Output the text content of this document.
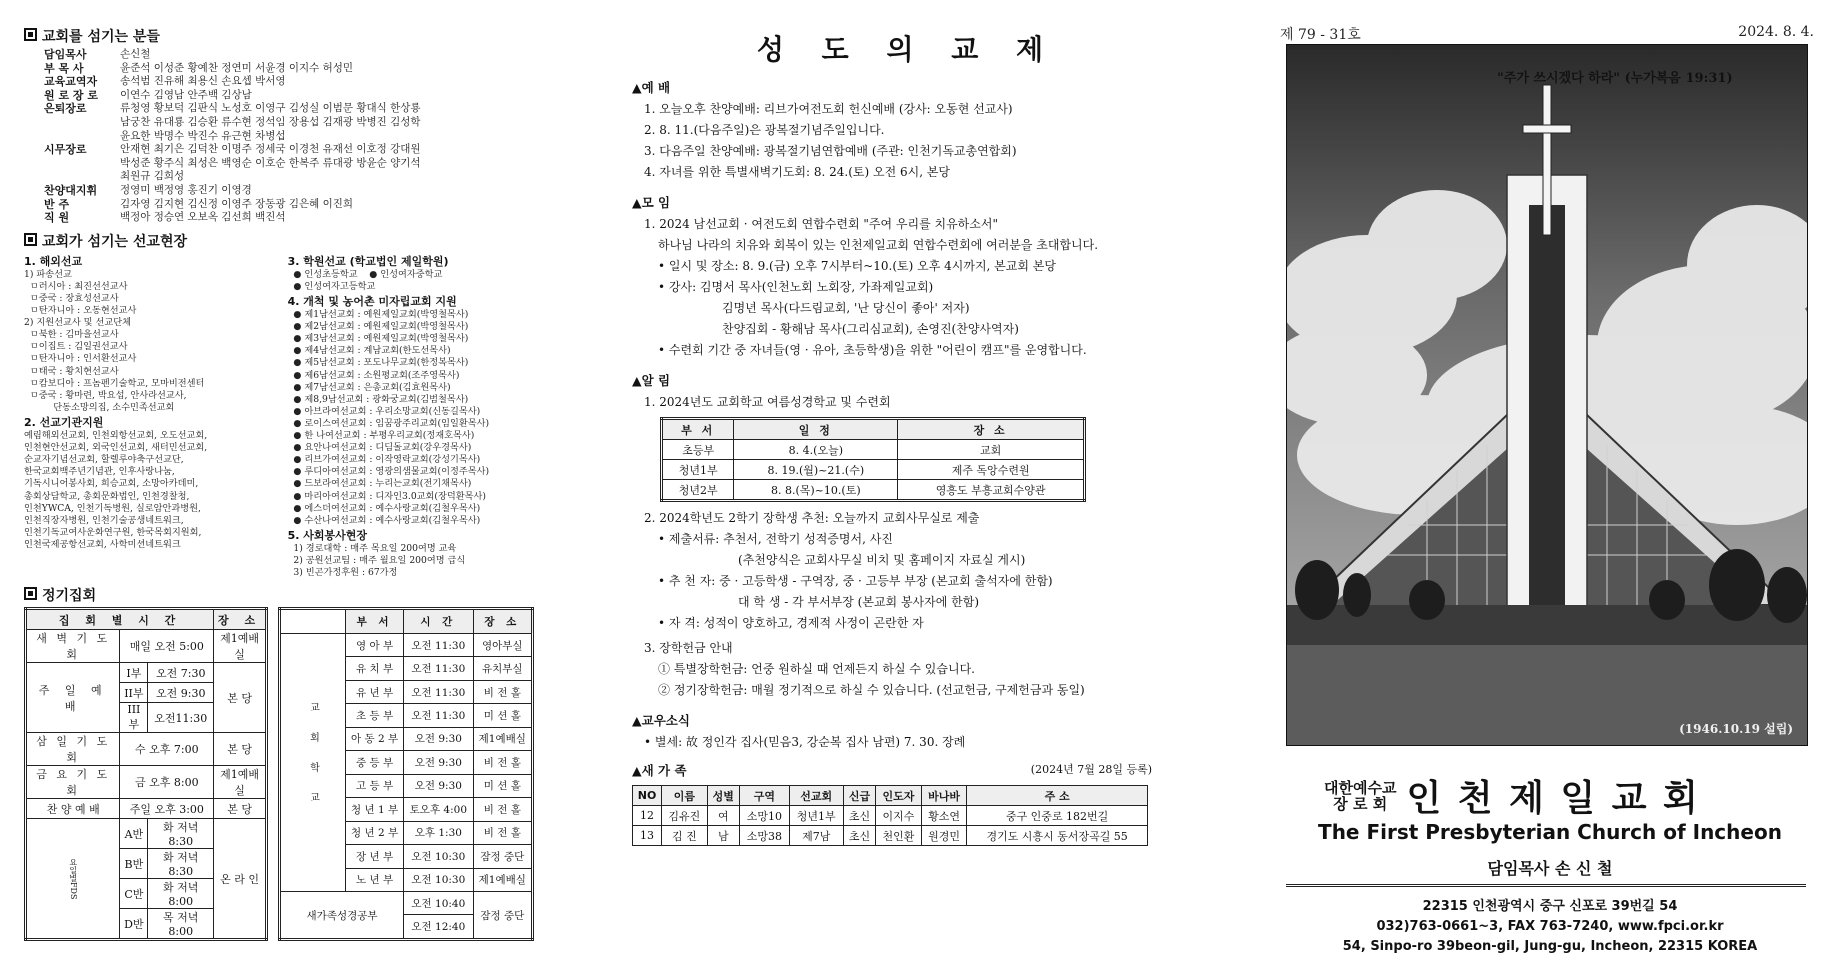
교회를 섬기는 분들
담임목사	손신철
부 목 사	윤준석 이성준 황예찬 정연미 서윤경 이지수 허성민
교육교역자	송석범 진유해 최용신 손요셉 박서영
원 로 장 로	이연수 김영남 안주백 김상남
은퇴장로	류청영 황보덕 김판식 노성호 이영구 김성실 이범문 황대식 한상룡
남궁찬 유대룡 김승환 류수현 정석임 장용섭 김재광 박병진 김성학
윤요한 박명수 박진수 유근현 차병섭
시무장로	안재현 최기은 김덕찬 이명주 정세국 이경천 유재선 이호정 강대원
박성준 황주식 최성은 백영순 이호순 한복주 류대광 방윤순 양기석
최원규 김희성
찬양대지휘	정영미 백정영 홍진기 이영경
반 주	김자영 김지현 김신정 이영주 장동광 김은혜 이진희
직 원	백정아 정승연 오보옥 김선희 백진석
교회가 섬기는 선교현장
1. 해외선교
1) 파송선교
ㅁ러시아 : 최진선선교사
ㅁ중국 : 장효성선교사
ㅁ탄자니아 : 오동현선교사
2) 지원선교사 및 선교단체
ㅁ북한 : 김마을선교사
ㅁ이집트 : 김일권선교사
ㅁ탄자니아 : 인서환선교사
ㅁ태국 : 황치현선교사
ㅁ캄보디아 : 프놈펜기술학교, 모마비전센터
ㅁ중국 : 황마련, 박요섭, 안사라선교사,
단동소망의집, 소수민족선교회
2. 선교기관지원
예림해외선교회, 인천외항선교회, 오도선교회,
인천현안선교회, 외국인선교회, 새터민선교회,
순교자기념선교회, 할렐루야축구선교단,
한국교회백주년기념관, 인후사랑나눔,
기독시니어봉사회, 희승교회, 소망아카데미,
총회상담학교, 총회문화법인, 인천경찰청,
인천YWCA, 인천기독병원, 실로암안과병원,
인천직장자병원, 인천기술공생네트워크,
인천기독교여사운화연구원, 한국목회지원회,
인천국제공항선교회, 사학미션네트워크
3. 학원선교 (학교법인 제일학원)
● 인성초등학교    ● 인성여자중학교
● 인성여자고등학교
4. 개척 및 농어촌 미자립교회 지원
● 제1남선교회 : 예원제일교회(박영철목사)
● 제2남선교회 : 예원제일교회(박영철목사)
● 제3남선교회 : 예원제일교회(박영철목사)
● 제4남선교회 : 계남교회(한도선목사)
● 제5남선교회 : 포도나무교회(한정복목사)
● 제6남선교회 : 소원평교회(조주영목사)
● 제7남선교회 : 은총교회(김효원목사)
● 제8,9남선교회 : 광화궁교회(김범철목사)
● 아브라여선교회 : 우리소망교회(신동길목사)
● 로이스여선교회 : 임꿈광주리교회(임일환목사)
● 한 나여선교회 : 부평우리교회(정재호목사)
● 요안나여선교회 : 디딤돌교회(강우경목사)
● 리브가여선교회 : 이작영락교회(강성기목사)
● 루디아여선교회 : 영광의샘물교회(이정주목사)
● 드보라여선교회 : 누리는교회(전기채목사)
● 마리아여선교회 : 디자인3.0교회(장덕환목사)
● 에스더여선교회 : 예수사랑교회(김철우목사)
● 수산나여선교회 : 예수사랑교회(김철우목사)
5. 사회봉사현장
1) 경로대학 : 매주 목요일 200여명 교육
2) 공원선교팀 : 매주 월요일 200여명 급식
3) 빈곤가정후원 : 67가정
정기집회
집 회 별 시 간			장 소
새 벽 기 도 회	매일 오전 5:00		제1예배실
주 일 예 배	I부	오전 7:30	본 당
	II부	오전 9:30	
	III부	오전11:30	
삼 일 기 도 회	수 오후 7:00		본 당
금 요 기 도 회	금 오후 8:00		제1예배실
찬 양 예 배	주일 오후 3:00		본 당
요일별FDS	A반	화 저녁 8:30	온 라 인
	B반	화 저녁 8:30	
	C반	화 저녁 8:00	
	D반	목 저녁 8:00	
	부 서	시 간	장 소
교회학교	영 아 부	오전 11:30	영아부실
	유 치 부	오전 11:30	유치부실
	유 년 부	오전 11:30	비 전 홀
	초 등 부	오전 11:30	미 션 홀
	아 동 2 부	오전 9:30	제1예배실
	중 등 부	오전 9:30	비 전 홀
	고 등 부	오전 9:30	미 션 홀
	청 년 1 부	토오후 4:00	비 전 홀
	청 년 2 부	오후 1:30	비 전 홀
	장 년 부	오전 10:30	잠정 중단
	노 년 부	오전 10:30	제1예배실
새가족성경공부		오전 10:40	잠정 중단
		오전 12:40	
성 도 의 교 제
▲예 배
1. 오늘오후 찬양예배: 리브가여전도회 헌신예배 (강사: 오동현 선교사)
2. 8. 11.(다음주일)은 광복절기념주일입니다.
3. 다음주일 찬양예배: 광복절기념연합예배 (주관: 인천기독교총연합회)
4. 자녀를 위한 특별새벽기도회: 8. 24.(토) 오전 6시, 본당
▲모 임
1. 2024 남선교회 · 여전도회 연합수련회 "주여 우리를 치유하소서"
하나님 나라의 치유와 회복이 있는 인천제일교회 연합수련회에 여러분을 초대합니다.
• 일시 및 장소: 8. 9.(금) 오후 7시부터~10.(토) 오후 4시까지, 본교회 본당
• 강사: 김명서 목사(인천노회 노회장, 가좌제일교회)
김명년 목사(다드림교회, '난 당신이 좋아' 저자)
찬양집회 - 황해남 목사(그리심교회), 손영진(찬양사역자)
• 수련회 기간 중 자녀들(영 · 유아, 초등학생)을 위한 "어린이 캠프"를 운영합니다.
▲알 림
1. 2024년도 교회학교 여름성경학교 및 수련회
부 서	일 정	장 소
초등부	8. 4.(오늘)	교회
청년1부	8. 19.(월)~21.(수)	제주 독앙수련원
청년2부	8. 8.(목)~10.(토)	영흥도 부흥교회수양관
2. 2024학년도 2학기 장학생 추천: 오늘까지 교회사무실로 제출
• 제출서류: 추천서, 전학기 성적증명서, 사진
(추천양식은 교회사무실 비치 및 홈페이지 자료실 게시)
• 추 천 자: 중 · 고등학생 - 구역장, 중 · 고등부 부장 (본교회 출석자에 한함)
대 학 생 - 각 부서부장 (본교회 봉사자에 한함)
• 자 격: 성적이 양호하고, 경제적 사정이 곤란한 자
3. 장학헌금 안내
① 특별장학헌금: 언중 원하실 때 언제든지 하실 수 있습니다.
② 정기장학헌금: 매월 정기적으로 하실 수 있습니다. (선교헌금, 구제헌금과 동일)
▲교우소식
• 별세: 故 정인각 집사(믿음3, 강순복 집사 남편) 7. 30. 장례
▲새 가 족	(2024년 7월 28일 등록)
NO	이름	성별	구역	선교회	신급	인도자	바나바	주 소
12	김유진	여	소망10	청년1부	초신	이지수	황소연	중구 인중로 182번길
13	김 진	남	소망38	제7남	초신	천인환	원경민	경기도 시흥시 동서장곡길 55
제 79 - 31호	2024. 8. 4.
"주가 쓰시겠다 하라" (누가복음 19:31)
(1946.10.19 설립)
대한예수교
장 로 회 인 천 제 일 교 회
The First Presbyterian Church of Incheon
담임목사 손 신 철
22315 인천광역시 중구 신포로 39번길 54
032)763-0661~3, FAX 763-7240, www.fpci.or.kr
54, Sinpo-ro 39beon-gil, Jung-gu, Incheon, 22315 KOREA
